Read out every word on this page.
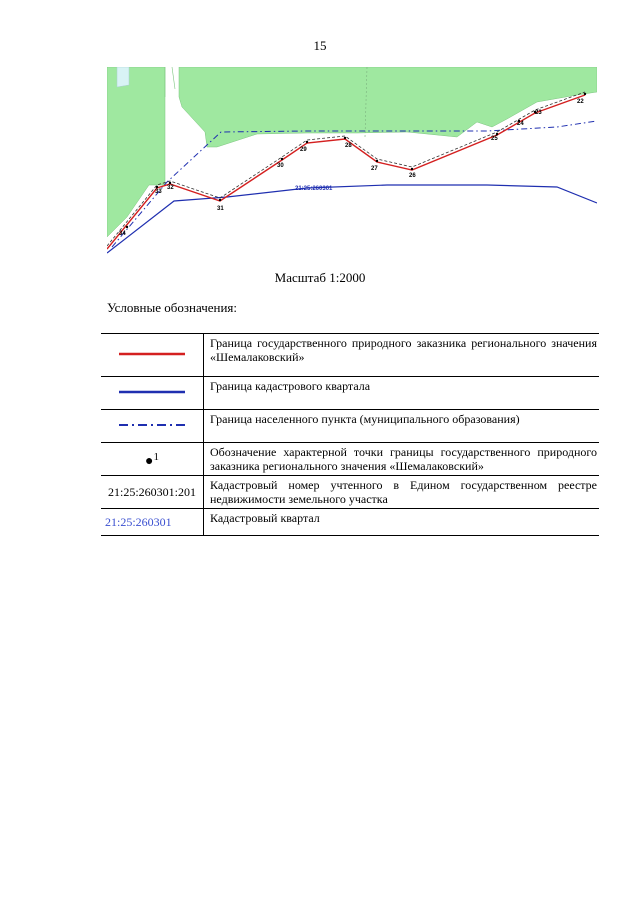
15
22
23
24
25
26
27
28
29
30
31
32
33
34
21:25:260301
Масштаб 1:2000
Условные обозначения:
	Граница государственного природного заказника регионального значения «Шемалаковский»
	Граница кадастрового квартала
	Граница населенного пункта (муниципального образования)
●$^1$	Обозначение характерной точки границы государственного природного заказника регионального значения «Шемалаковский»
21:25:260301:201	Кадастровый номер учтенного в Едином государственном реестре недвижимости земельного участка
21:25:260301	Кадастровый квартал
